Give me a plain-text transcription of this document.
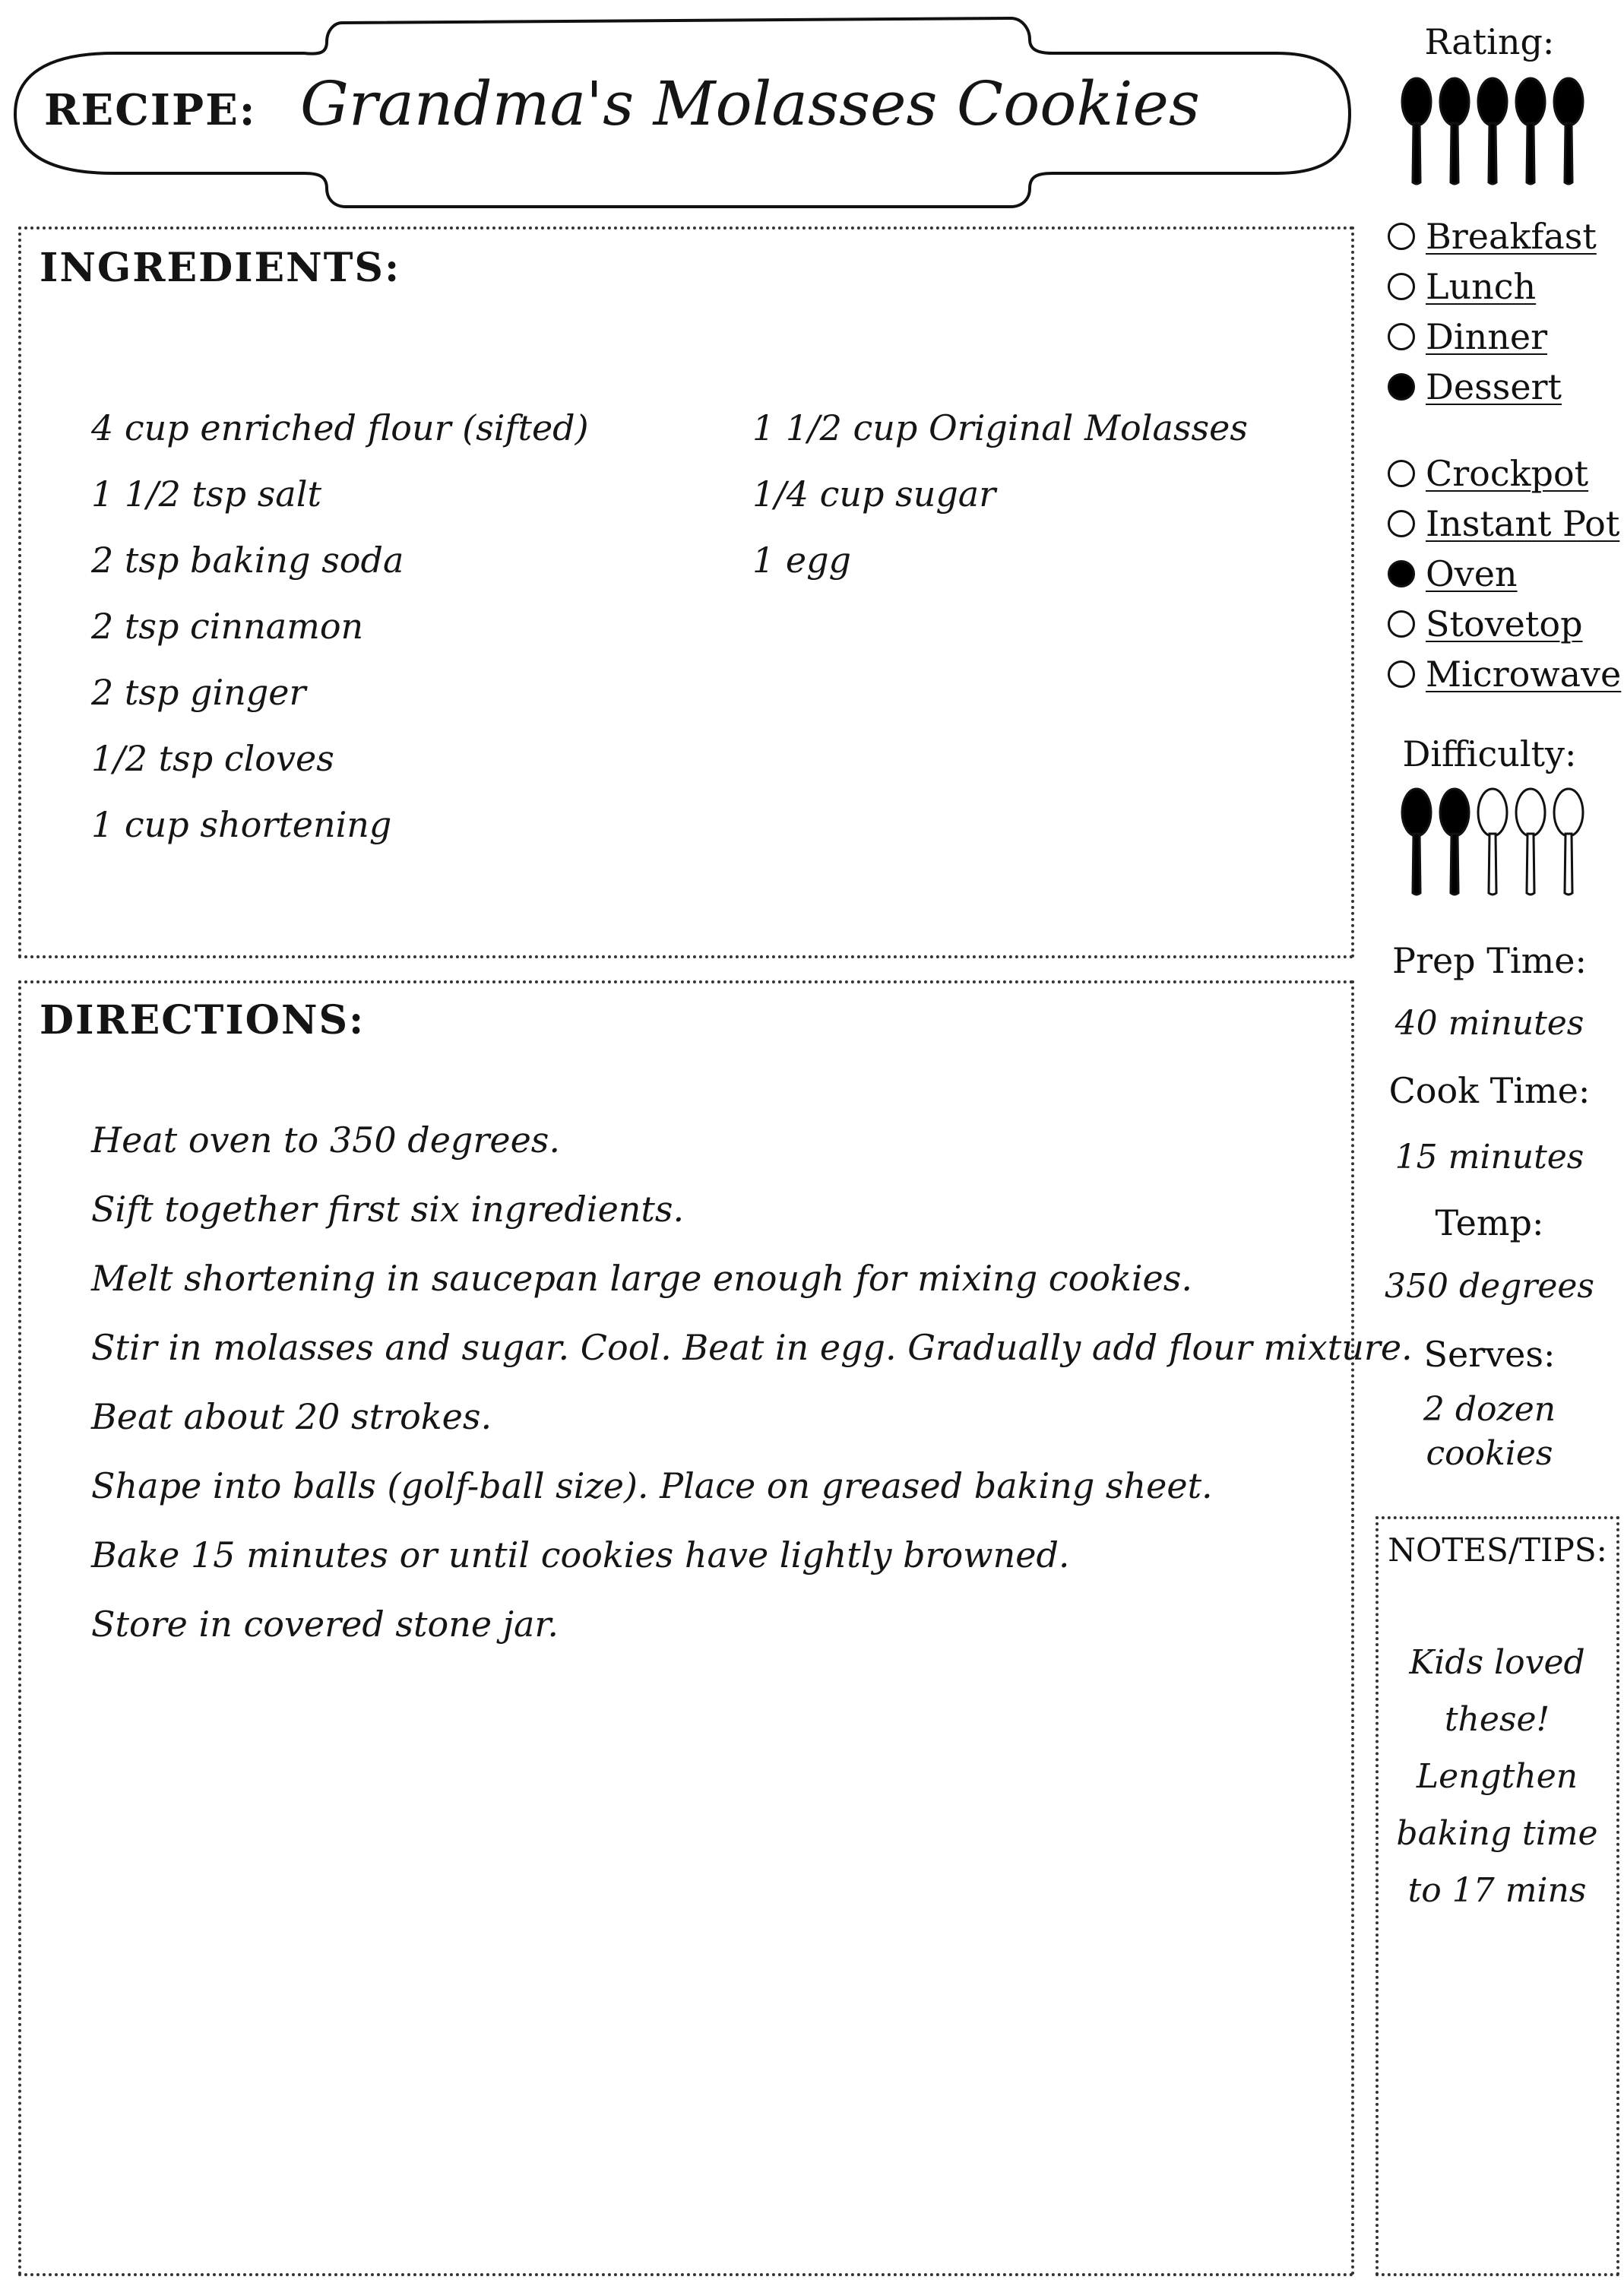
RECIPE: Grandma's Molasses Cookies
INGREDIENTS:
4 cup enriched flour (sifted)
1 1/2 tsp salt
2 tsp baking soda
2 tsp cinnamon
2 tsp ginger
1/2 tsp cloves
1 cup shortening
1 1/2 cup Original Molasses
1/4 cup sugar
1 egg
DIRECTIONS:
Heat oven to 350 degrees.
Sift together first six ingredients.
Melt shortening in saucepan large enough for mixing cookies.
Stir in molasses and sugar. Cool. Beat in egg. Gradually add flour mixture.
Beat about 20 strokes.
Shape into balls (golf-ball size). Place on greased baking sheet.
Bake 15 minutes or until cookies have lightly browned.
Store in covered stone jar.
Rating:
Breakfast
Lunch
Dinner
Dessert
Crockpot
Instant Pot
Oven
Stovetop
Microwave
Difficulty:
Prep Time:
40 minutes
Cook Time:
15 minutes
Temp:
350 degrees
Serves:
2 dozen
cookies
NOTES/TIPS:
Kids loved
these!
Lengthen
baking time
to 17 mins
